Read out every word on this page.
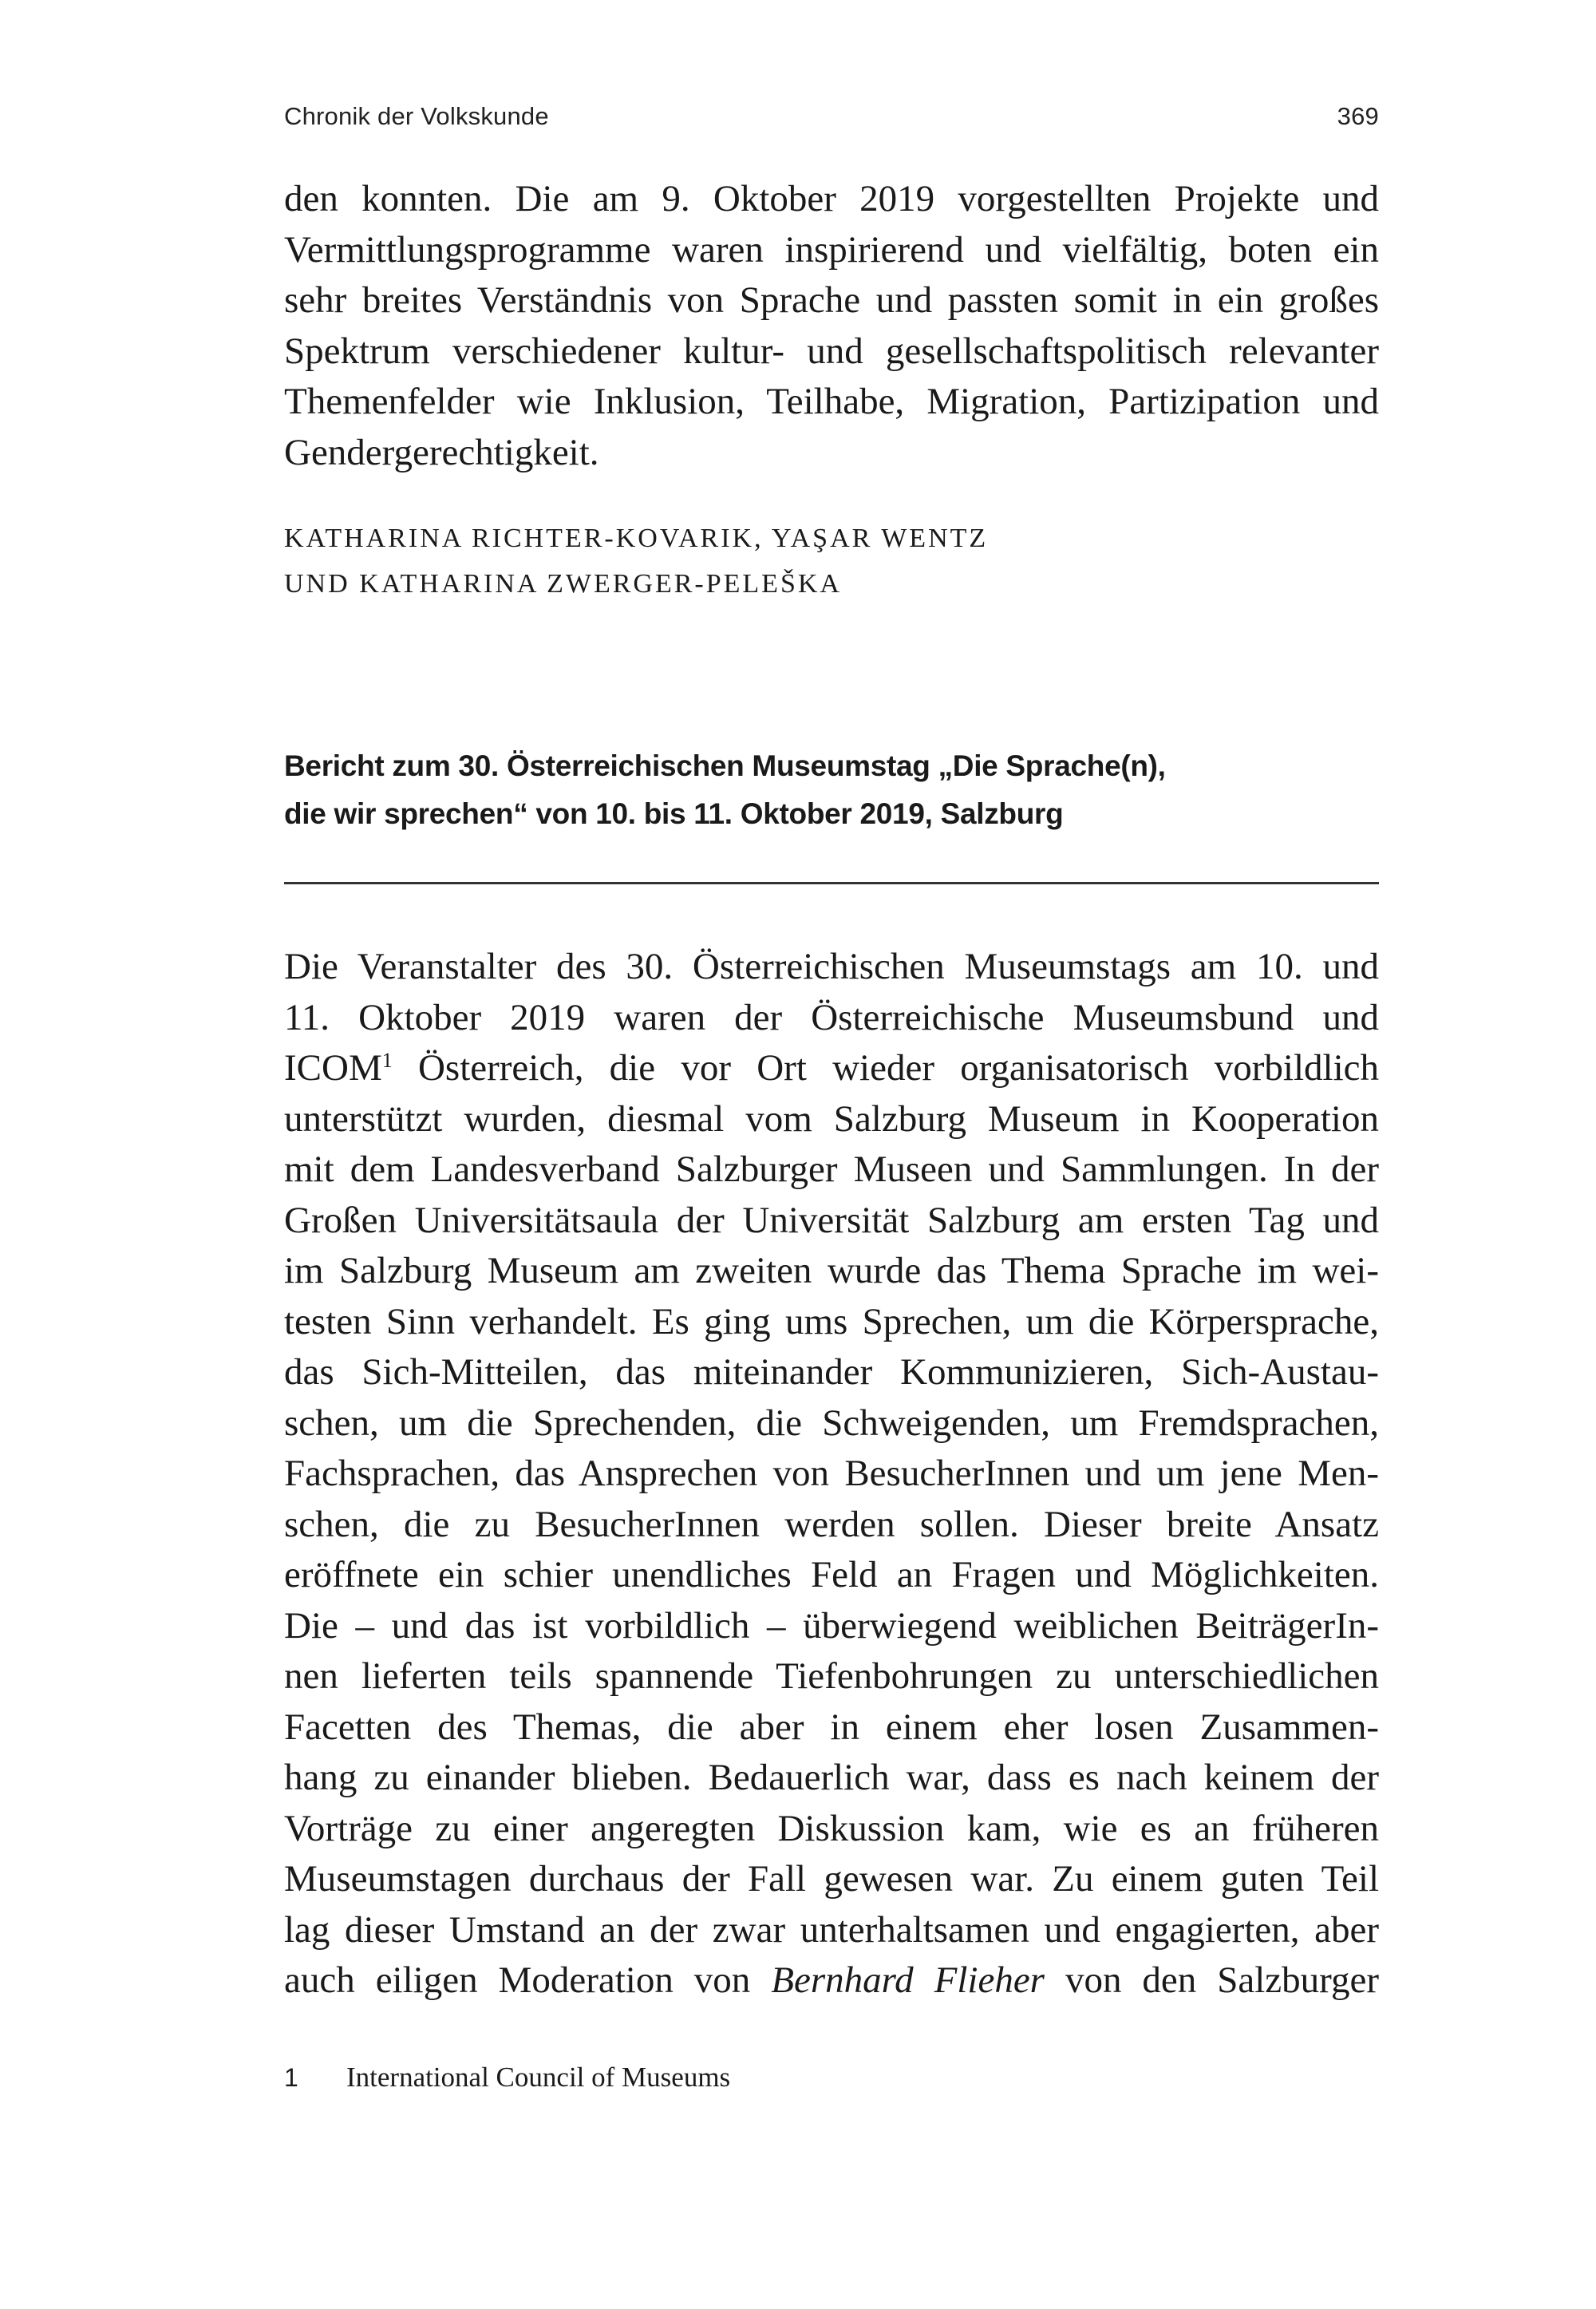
Chronik der Volkskunde	369
den konnten. Die am 9. Oktober 2019 vorgestellten Projekte und
Vermittlungsprogramme waren inspirierend und vielfältig, boten ein
sehr breites Verständnis von Sprache und passten somit in ein großes
Spektrum verschiedener kultur- und gesellschaftspolitisch relevanter
Themenfelder wie Inklusion, Teilhabe, Migration, Partizipation und
Gendergerechtigkeit.
KATHARINA RICHTER-KOVARIK, YAŞAR WENTZ
UND KATHARINA ZWERGER-PELEŠKA
Bericht zum 30. Österreichischen Museumstag „Die Sprache(n),
die wir sprechen“ von 10. bis 11. Oktober 2019, Salzburg
Die Veranstalter des 30. Österreichischen Museumstags am 10. und
11. Oktober 2019 waren der Österreichische Museumsbund und
ICOM$^1$ Österreich, die vor Ort wieder organisatorisch vorbildlich
unterstützt wurden, diesmal vom Salzburg Museum in Kooperation
mit dem Landesverband Salzburger Museen und Sammlungen. In der
Großen Universitätsaula der Universität Salzburg am ersten Tag und
im Salzburg Museum am zweiten wurde das Thema Sprache im wei-
testen Sinn verhandelt. Es ging ums Sprechen, um die Körpersprache,
das Sich-Mitteilen, das miteinander Kommunizieren, Sich-Austau-
schen, um die Sprechenden, die Schweigenden, um Fremdsprachen,
Fachsprachen, das Ansprechen von BesucherInnen und um jene Men-
schen, die zu BesucherInnen werden sollen. Dieser breite Ansatz
eröffnete ein schier unendliches Feld an Fragen und Möglichkeiten.
Die – und das ist vorbildlich – überwiegend weiblichen BeiträgerIn-
nen lieferten teils spannende Tiefenbohrungen zu unterschiedlichen
Facetten des Themas, die aber in einem eher losen Zusammen-
hang zu einander blieben. Bedauerlich war, dass es nach keinem der
Vorträge zu einer angeregten Diskussion kam, wie es an früheren
Museumstagen durchaus der Fall gewesen war. Zu einem guten Teil
lag dieser Umstand an der zwar unterhaltsamen und engagierten, aber
auch eiligen Moderation von Bernhard Flieher von den Salzburger
1	International Council of Museums
